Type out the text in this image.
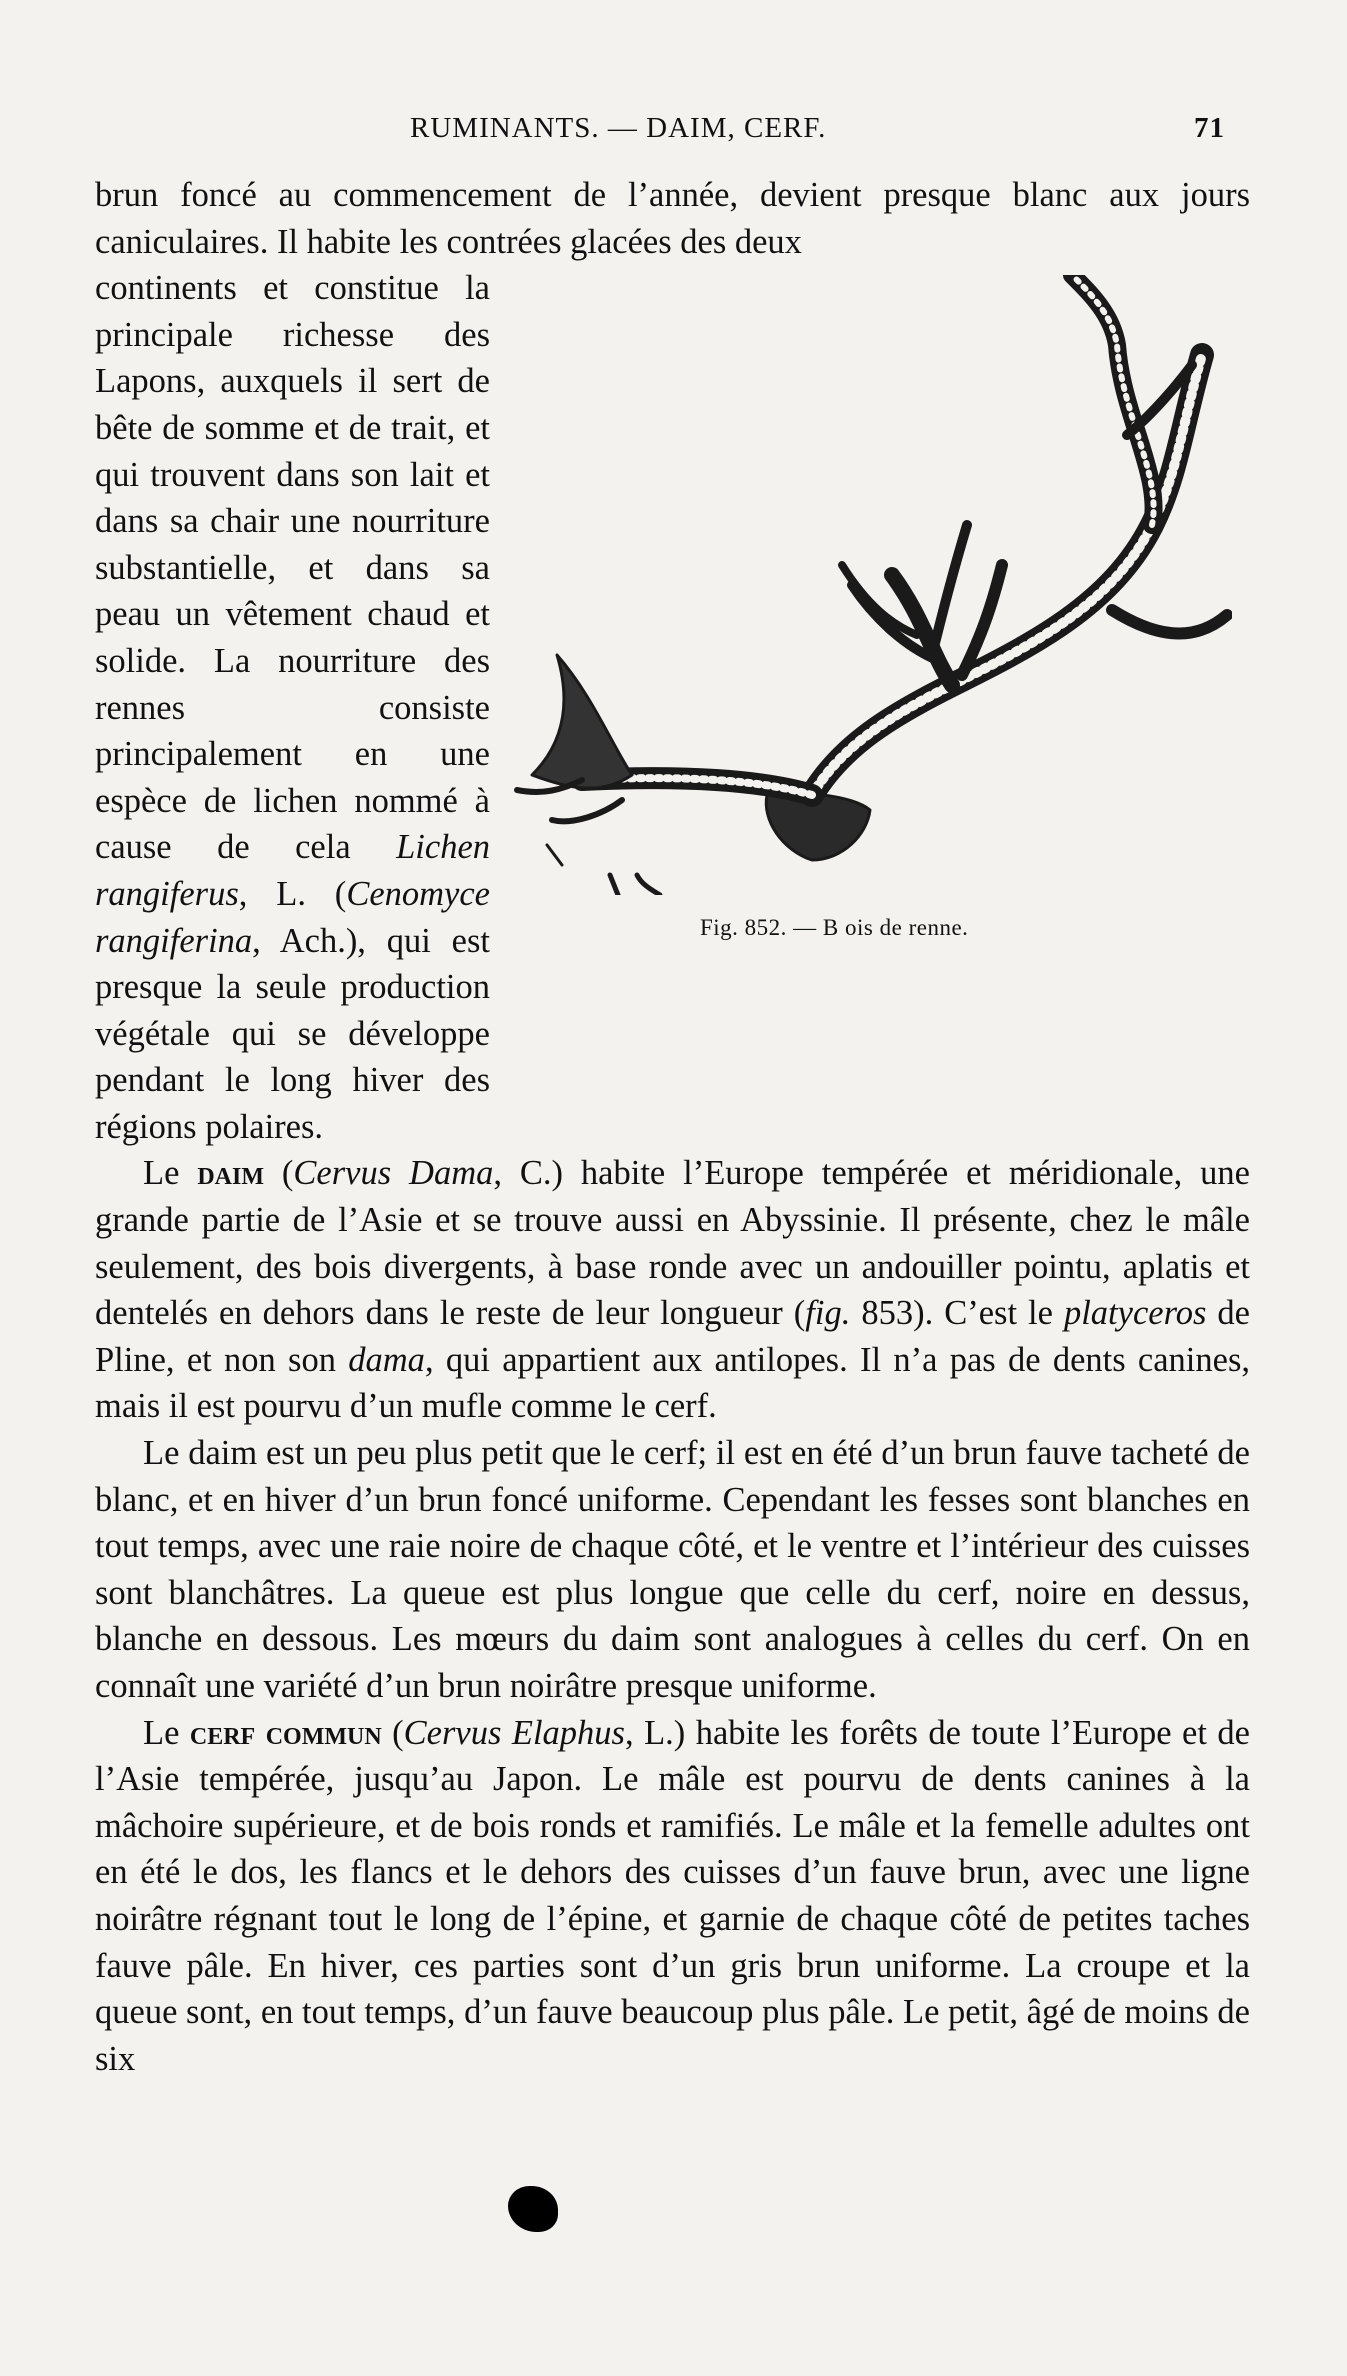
RUMINANTS. — DAIM, CERF.	71
Fig. 852. — B ois de renne.

brun foncé au commencement de l’année, devient presque blanc aux jours caniculaires. Il habite les contrées glacées des deux

continents et constitue la principale richesse des Lapons, auxquels il sert de bête de somme et de trait, et qui trouvent dans son lait et dans sa chair une nourriture substantielle, et dans sa peau un vêtement chaud et solide. La nourriture des rennes consiste principalement en une espèce de lichen nommé à cause de cela Lichen rangiferus, L. (Cenomyce rangiferina, Ach.), qui est presque la seule production végétale qui se développe pendant le long hiver des régions polaires.

Le daim (Cervus Dama, C.) habite l’Europe tempérée et méridionale, une grande partie de l’Asie et se trouve aussi en Abyssinie. Il présente, chez le mâle seulement, des bois divergents, à base ronde avec un andouiller pointu, aplatis et dentelés en dehors dans le reste de leur longueur (fig. 853). C’est le platyceros de Pline, et non son dama, qui appartient aux antilopes. Il n’a pas de dents canines, mais il est pourvu d’un mufle comme le cerf.

Le daim est un peu plus petit que le cerf; il est en été d’un brun fauve tacheté de blanc, et en hiver d’un brun foncé uniforme. Cependant les fesses sont blanches en tout temps, avec une raie noire de chaque côté, et le ventre et l’intérieur des cuisses sont blanchâtres. La queue est plus longue que celle du cerf, noire en dessus, blanche en dessous. Les mœurs du daim sont analogues à celles du cerf. On en connaît une variété d’un brun noirâtre presque uniforme.

Le cerf commun (Cervus Elaphus, L.) habite les forêts de toute l’Europe et de l’Asie tempérée, jusqu’au Japon. Le mâle est pourvu de dents canines à la mâchoire supérieure, et de bois ronds et ramifiés. Le mâle et la femelle adultes ont en été le dos, les flancs et le dehors des cuisses d’un fauve brun, avec une ligne noirâtre régnant tout le long de l’épine, et garnie de chaque côté de petites taches fauve pâle. En hiver, ces parties sont d’un gris brun uniforme. La croupe et la queue sont, en tout temps, d’un fauve beaucoup plus pâle. Le petit, âgé de moins de six
